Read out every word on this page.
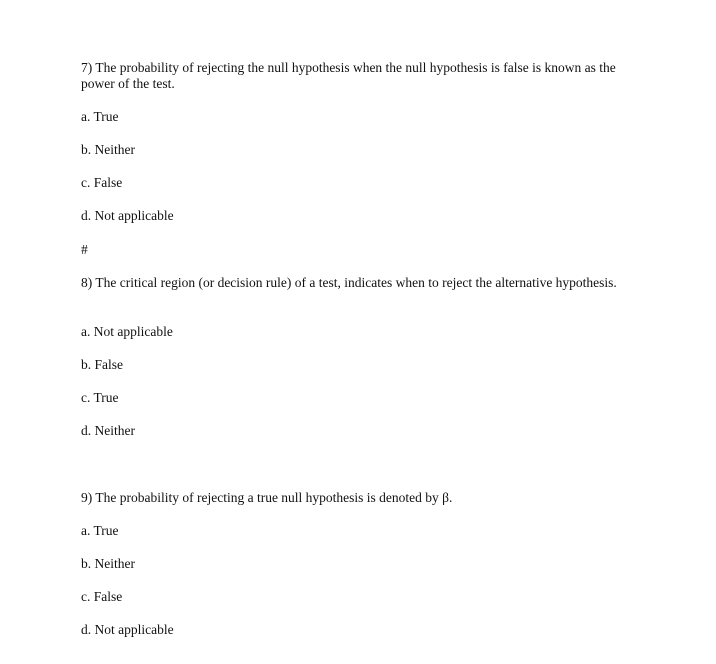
7) The probability of rejecting the null hypothesis when the null hypothesis is false is known as the power of the test.
a. True
b. Neither
c. False
d. Not applicable
#
8) The critical region (or decision rule) of a test, indicates when to reject the alternative hypothesis.
a. Not applicable
b. False
c. True
d. Neither
9) The probability of rejecting a true null hypothesis is denoted by β.
a. True
b. Neither
c. False
d. Not applicable
